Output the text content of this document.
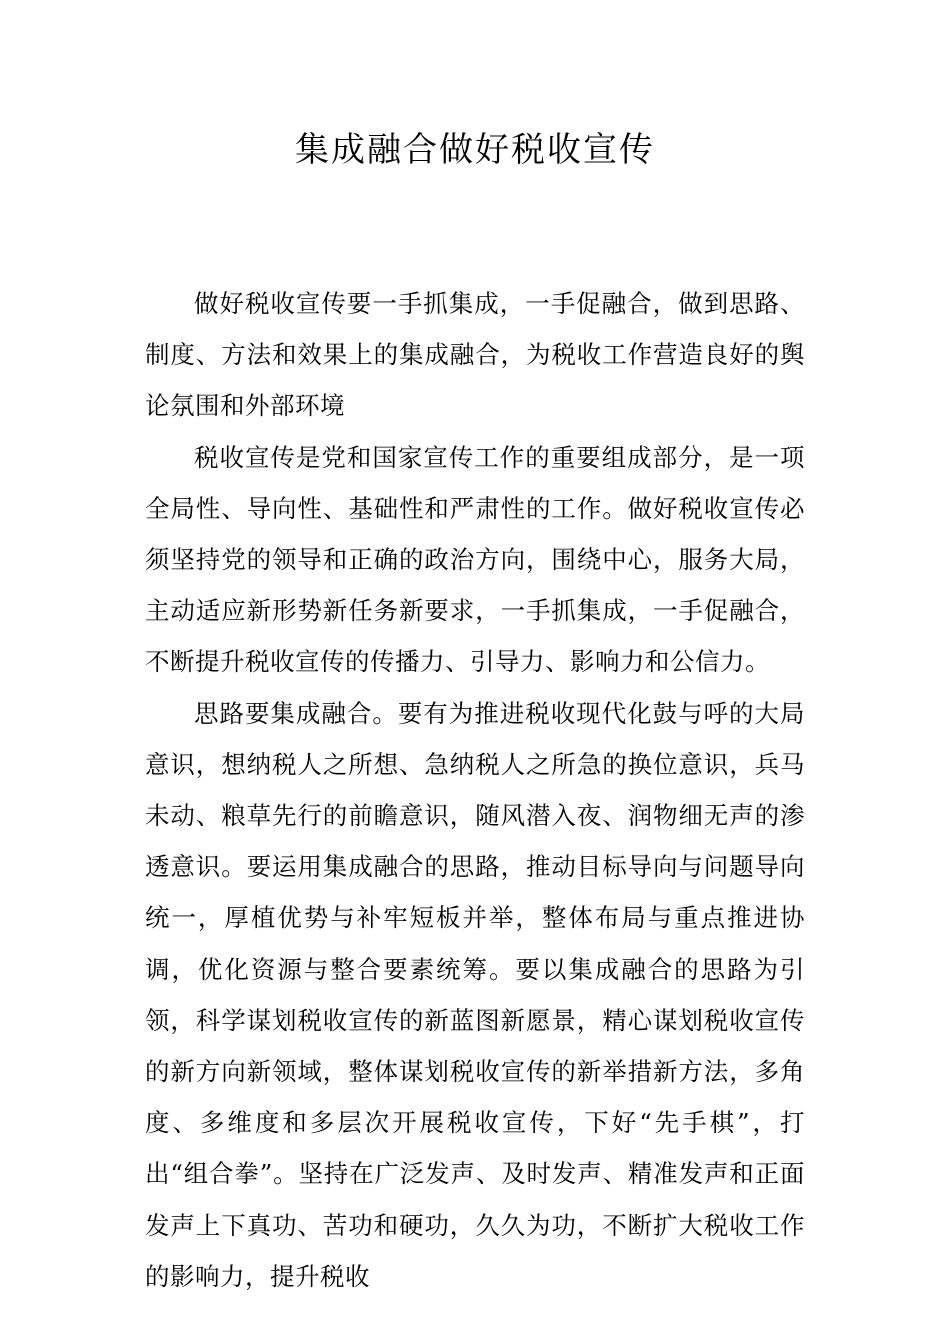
集成融合做好税收宣传

做好税收宣传要一手抓集成，一手促融合，做到思路、制度、方法和效果上的集成融合，为税收工作营造良好的舆论氛围和外部环境

税收宣传是党和国家宣传工作的重要组成部分，是一项全局性、导向性、基础性和严肃性的工作。做好税收宣传必须坚持党的领导和正确的政治方向，围绕中心，服务大局，主动适应新形势新任务新要求，一手抓集成，一手促融合，不断提升税收宣传的传播力、引导力、影响力和公信力。

思路要集成融合。要有为推进税收现代化鼓与呼的大局意识，想纳税人之所想、急纳税人之所急的换位意识，兵马未动、粮草先行的前瞻意识，随风潜入夜、润物细无声的渗透意识。要运用集成融合的思路，推动目标导向与问题导向统一，厚植优势与补牢短板并举，整体布局与重点推进协调，优化资源与整合要素统筹。要以集成融合的思路为引领，科学谋划税收宣传的新蓝图新愿景，精心谋划税收宣传的新方向新领域，整体谋划税收宣传的新举措新方法，多角度、多维度和多层次开展税收宣传，下好“先手棋”，打出“组合拳”。坚持在广泛发声、及时发声、精准发声和正面发声上下真功、苦功和硬功，久久为功，不断扩大税收工作的影响力，提升税收
